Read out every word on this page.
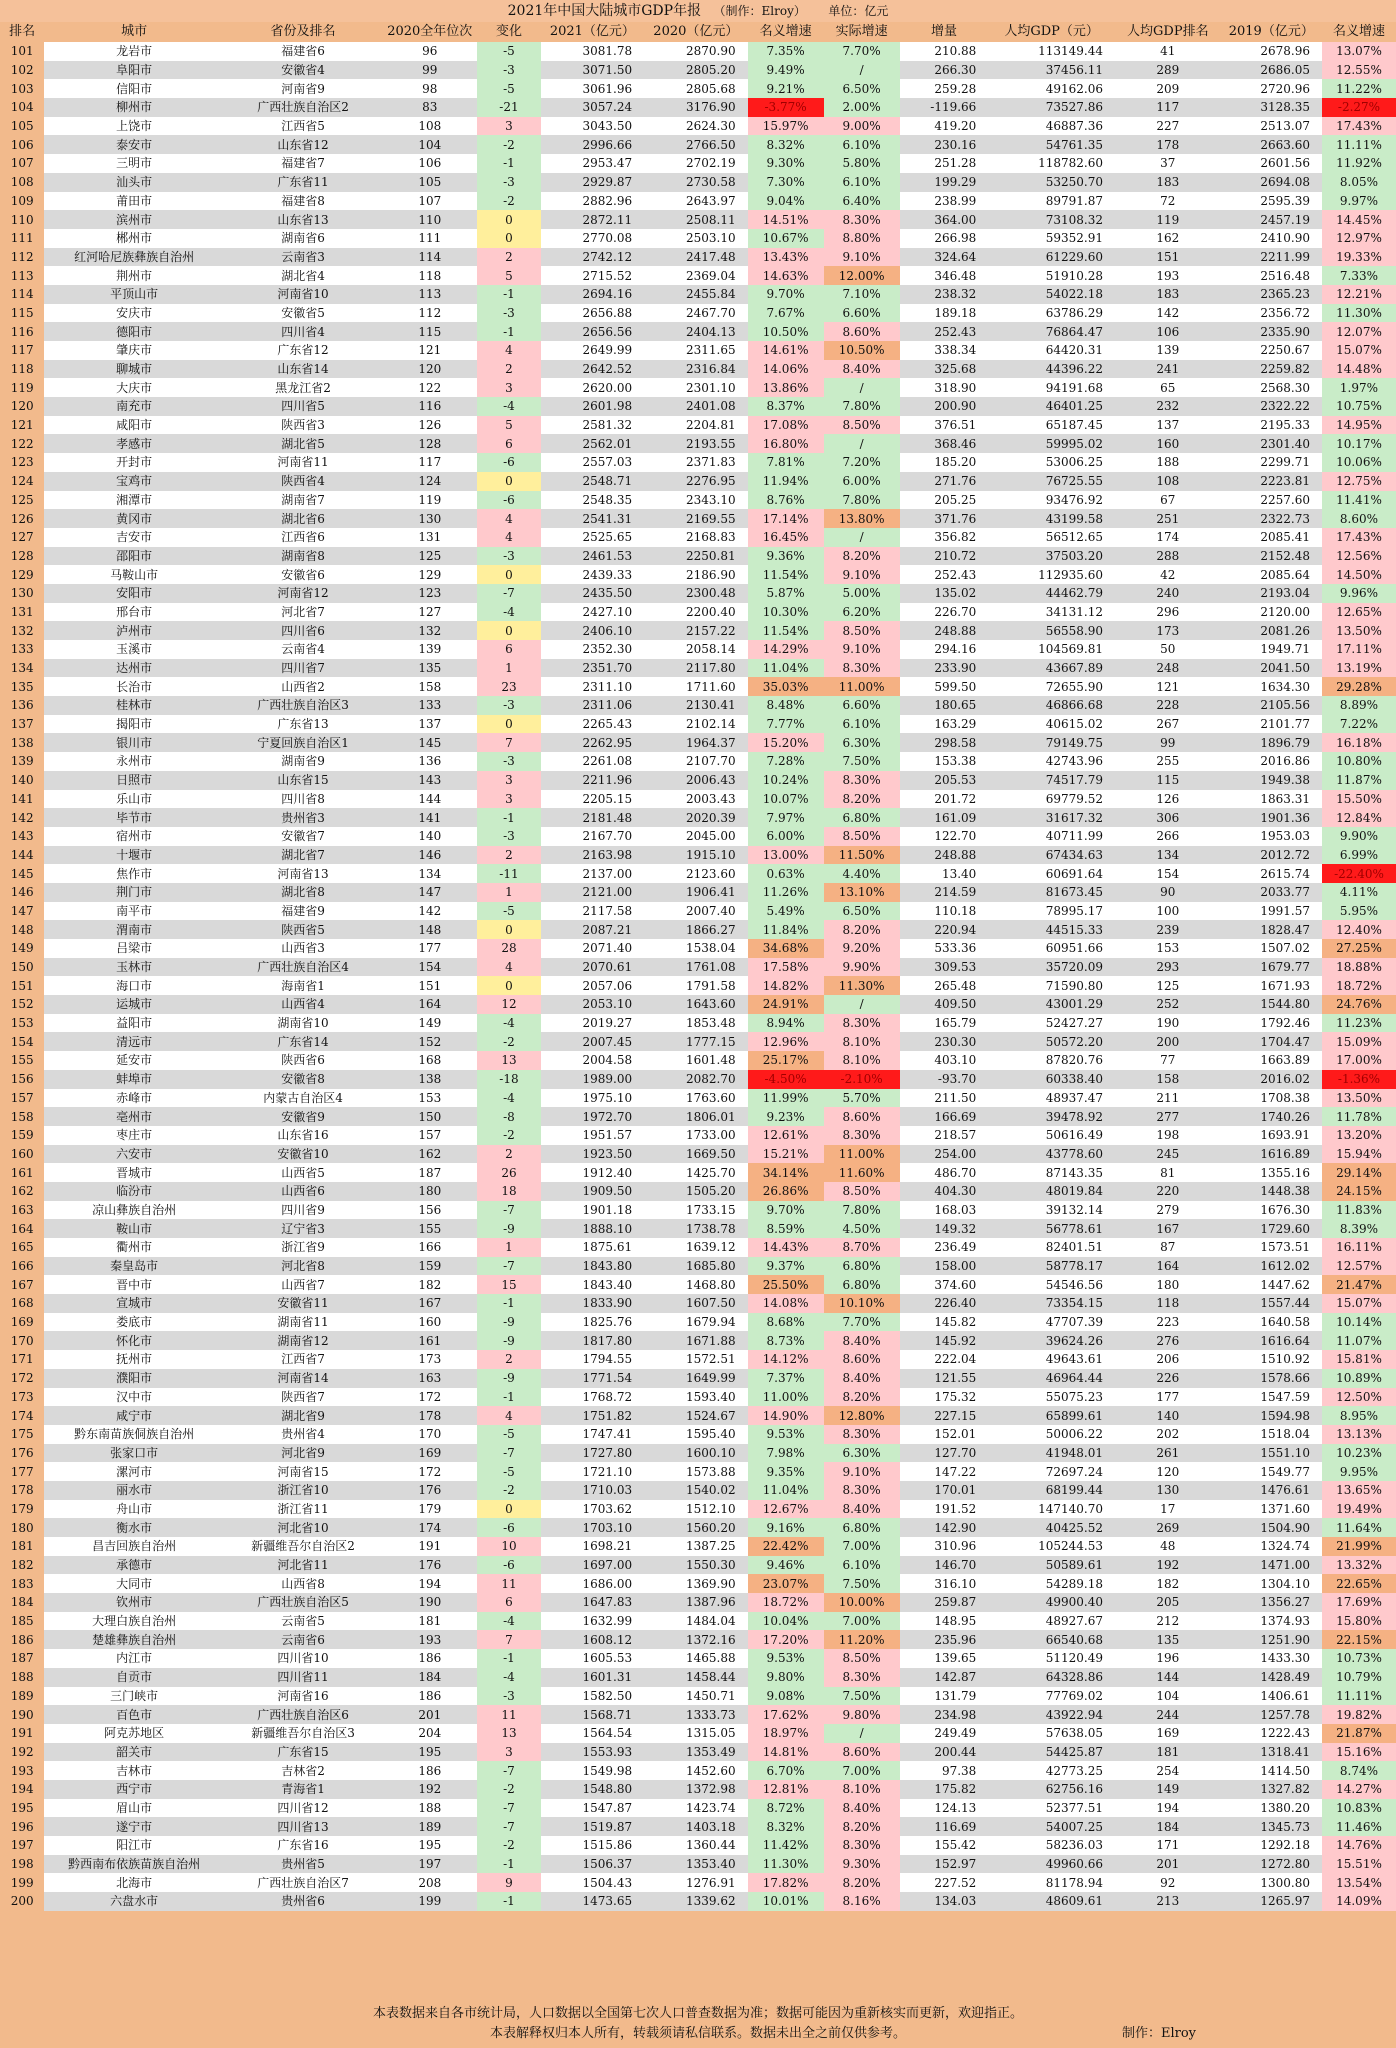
2021年中国大陆城市GDP年报 （制作：Elroy） 单位：亿元
排名	城市	省份及排名	2020全年位次	变化	2021（亿元）	2020（亿元）	名义增速	实际增速	增量	人均GDP（元）	人均GDP排名	2019（亿元）	名义增速
101	龙岩市	福建省6	96	-5	3081.78	2870.90	7.35%	7.70%	210.88	113149.44	41	2678.96	13.07%
102	阜阳市	安徽省4	99	-3	3071.50	2805.20	9.49%	/	266.30	37456.11	289	2686.05	12.55%
103	信阳市	河南省9	98	-5	3061.96	2805.68	9.21%	6.50%	259.28	49162.06	209	2720.96	11.22%
104	柳州市	广西壮族自治区2	83	-21	3057.24	3176.90	-3.77%	2.00%	-119.66	73527.86	117	3128.35	-2.27%
105	上饶市	江西省5	108	3	3043.50	2624.30	15.97%	9.00%	419.20	46887.36	227	2513.07	17.43%
106	泰安市	山东省12	104	-2	2996.66	2766.50	8.32%	6.10%	230.16	54761.35	178	2663.60	11.11%
107	三明市	福建省7	106	-1	2953.47	2702.19	9.30%	5.80%	251.28	118782.60	37	2601.56	11.92%
108	汕头市	广东省11	105	-3	2929.87	2730.58	7.30%	6.10%	199.29	53250.70	183	2694.08	8.05%
109	莆田市	福建省8	107	-2	2882.96	2643.97	9.04%	6.40%	238.99	89791.87	72	2595.39	9.97%
110	滨州市	山东省13	110	0	2872.11	2508.11	14.51%	8.30%	364.00	73108.32	119	2457.19	14.45%
111	郴州市	湖南省6	111	0	2770.08	2503.10	10.67%	8.80%	266.98	59352.91	162	2410.90	12.97%
112	红河哈尼族彝族自治州	云南省3	114	2	2742.12	2417.48	13.43%	9.10%	324.64	61229.60	151	2211.99	19.33%
113	荆州市	湖北省4	118	5	2715.52	2369.04	14.63%	12.00%	346.48	51910.28	193	2516.48	7.33%
114	平顶山市	河南省10	113	-1	2694.16	2455.84	9.70%	7.10%	238.32	54022.18	183	2365.23	12.21%
115	安庆市	安徽省5	112	-3	2656.88	2467.70	7.67%	6.60%	189.18	63786.29	142	2356.72	11.30%
116	德阳市	四川省4	115	-1	2656.56	2404.13	10.50%	8.60%	252.43	76864.47	106	2335.90	12.07%
117	肇庆市	广东省12	121	4	2649.99	2311.65	14.61%	10.50%	338.34	64420.31	139	2250.67	15.07%
118	聊城市	山东省14	120	2	2642.52	2316.84	14.06%	8.40%	325.68	44396.22	241	2259.82	14.48%
119	大庆市	黑龙江省2	122	3	2620.00	2301.10	13.86%	/	318.90	94191.68	65	2568.30	1.97%
120	南充市	四川省5	116	-4	2601.98	2401.08	8.37%	7.80%	200.90	46401.25	232	2322.22	10.75%
121	咸阳市	陕西省3	126	5	2581.32	2204.81	17.08%	8.50%	376.51	65187.45	137	2195.33	14.95%
122	孝感市	湖北省5	128	6	2562.01	2193.55	16.80%	/	368.46	59995.02	160	2301.40	10.17%
123	开封市	河南省11	117	-6	2557.03	2371.83	7.81%	7.20%	185.20	53006.25	188	2299.71	10.06%
124	宝鸡市	陕西省4	124	0	2548.71	2276.95	11.94%	6.00%	271.76	76725.55	108	2223.81	12.75%
125	湘潭市	湖南省7	119	-6	2548.35	2343.10	8.76%	7.80%	205.25	93476.92	67	2257.60	11.41%
126	黄冈市	湖北省6	130	4	2541.31	2169.55	17.14%	13.80%	371.76	43199.58	251	2322.73	8.60%
127	吉安市	江西省6	131	4	2525.65	2168.83	16.45%	/	356.82	56512.65	174	2085.41	17.43%
128	邵阳市	湖南省8	125	-3	2461.53	2250.81	9.36%	8.20%	210.72	37503.20	288	2152.48	12.56%
129	马鞍山市	安徽省6	129	0	2439.33	2186.90	11.54%	9.10%	252.43	112935.60	42	2085.64	14.50%
130	安阳市	河南省12	123	-7	2435.50	2300.48	5.87%	5.00%	135.02	44462.79	240	2193.04	9.96%
131	邢台市	河北省7	127	-4	2427.10	2200.40	10.30%	6.20%	226.70	34131.12	296	2120.00	12.65%
132	泸州市	四川省6	132	0	2406.10	2157.22	11.54%	8.50%	248.88	56558.90	173	2081.26	13.50%
133	玉溪市	云南省4	139	6	2352.30	2058.14	14.29%	9.10%	294.16	104569.81	50	1949.71	17.11%
134	达州市	四川省7	135	1	2351.70	2117.80	11.04%	8.30%	233.90	43667.89	248	2041.50	13.19%
135	长治市	山西省2	158	23	2311.10	1711.60	35.03%	11.00%	599.50	72655.90	121	1634.30	29.28%
136	桂林市	广西壮族自治区3	133	-3	2311.06	2130.41	8.48%	6.60%	180.65	46866.68	228	2105.56	8.89%
137	揭阳市	广东省13	137	0	2265.43	2102.14	7.77%	6.10%	163.29	40615.02	267	2101.77	7.22%
138	银川市	宁夏回族自治区1	145	7	2262.95	1964.37	15.20%	6.30%	298.58	79149.75	99	1896.79	16.18%
139	永州市	湖南省9	136	-3	2261.08	2107.70	7.28%	7.50%	153.38	42743.96	255	2016.86	10.80%
140	日照市	山东省15	143	3	2211.96	2006.43	10.24%	8.30%	205.53	74517.79	115	1949.38	11.87%
141	乐山市	四川省8	144	3	2205.15	2003.43	10.07%	8.20%	201.72	69779.52	126	1863.31	15.50%
142	毕节市	贵州省3	141	-1	2181.48	2020.39	7.97%	6.80%	161.09	31617.32	306	1901.36	12.84%
143	宿州市	安徽省7	140	-3	2167.70	2045.00	6.00%	8.50%	122.70	40711.99	266	1953.03	9.90%
144	十堰市	湖北省7	146	2	2163.98	1915.10	13.00%	11.50%	248.88	67434.63	134	2012.72	6.99%
145	焦作市	河南省13	134	-11	2137.00	2123.60	0.63%	4.40%	13.40	60691.64	154	2615.74	-22.40%
146	荆门市	湖北省8	147	1	2121.00	1906.41	11.26%	13.10%	214.59	81673.45	90	2033.77	4.11%
147	南平市	福建省9	142	-5	2117.58	2007.40	5.49%	6.50%	110.18	78995.17	100	1991.57	5.95%
148	渭南市	陕西省5	148	0	2087.21	1866.27	11.84%	8.20%	220.94	44515.33	239	1828.47	12.40%
149	吕梁市	山西省3	177	28	2071.40	1538.04	34.68%	9.20%	533.36	60951.66	153	1507.02	27.25%
150	玉林市	广西壮族自治区4	154	4	2070.61	1761.08	17.58%	9.90%	309.53	35720.09	293	1679.77	18.88%
151	海口市	海南省1	151	0	2057.06	1791.58	14.82%	11.30%	265.48	71590.80	125	1671.93	18.72%
152	运城市	山西省4	164	12	2053.10	1643.60	24.91%	/	409.50	43001.29	252	1544.80	24.76%
153	益阳市	湖南省10	149	-4	2019.27	1853.48	8.94%	8.30%	165.79	52427.27	190	1792.46	11.23%
154	清远市	广东省14	152	-2	2007.45	1777.15	12.96%	8.10%	230.30	50572.20	200	1704.47	15.09%
155	延安市	陕西省6	168	13	2004.58	1601.48	25.17%	8.10%	403.10	87820.76	77	1663.89	17.00%
156	蚌埠市	安徽省8	138	-18	1989.00	2082.70	-4.50%	-2.10%	-93.70	60338.40	158	2016.02	-1.36%
157	赤峰市	内蒙古自治区4	153	-4	1975.10	1763.60	11.99%	5.70%	211.50	48937.47	211	1708.38	13.50%
158	亳州市	安徽省9	150	-8	1972.70	1806.01	9.23%	8.60%	166.69	39478.92	277	1740.26	11.78%
159	枣庄市	山东省16	157	-2	1951.57	1733.00	12.61%	8.30%	218.57	50616.49	198	1693.91	13.20%
160	六安市	安徽省10	162	2	1923.50	1669.50	15.21%	11.00%	254.00	43778.60	245	1616.89	15.94%
161	晋城市	山西省5	187	26	1912.40	1425.70	34.14%	11.60%	486.70	87143.35	81	1355.16	29.14%
162	临汾市	山西省6	180	18	1909.50	1505.20	26.86%	8.50%	404.30	48019.84	220	1448.38	24.15%
163	凉山彝族自治州	四川省9	156	-7	1901.18	1733.15	9.70%	7.80%	168.03	39132.14	279	1676.30	11.83%
164	鞍山市	辽宁省3	155	-9	1888.10	1738.78	8.59%	4.50%	149.32	56778.61	167	1729.60	8.39%
165	衢州市	浙江省9	166	1	1875.61	1639.12	14.43%	8.70%	236.49	82401.51	87	1573.51	16.11%
166	秦皇岛市	河北省8	159	-7	1843.80	1685.80	9.37%	6.80%	158.00	58778.17	164	1612.02	12.57%
167	晋中市	山西省7	182	15	1843.40	1468.80	25.50%	6.80%	374.60	54546.56	180	1447.62	21.47%
168	宣城市	安徽省11	167	-1	1833.90	1607.50	14.08%	10.10%	226.40	73354.15	118	1557.44	15.07%
169	娄底市	湖南省11	160	-9	1825.76	1679.94	8.68%	7.70%	145.82	47707.39	223	1640.58	10.14%
170	怀化市	湖南省12	161	-9	1817.80	1671.88	8.73%	8.40%	145.92	39624.26	276	1616.64	11.07%
171	抚州市	江西省7	173	2	1794.55	1572.51	14.12%	8.60%	222.04	49643.61	206	1510.92	15.81%
172	濮阳市	河南省14	163	-9	1771.54	1649.99	7.37%	8.40%	121.55	46964.44	226	1578.66	10.89%
173	汉中市	陕西省7	172	-1	1768.72	1593.40	11.00%	8.20%	175.32	55075.23	177	1547.59	12.50%
174	咸宁市	湖北省9	178	4	1751.82	1524.67	14.90%	12.80%	227.15	65899.61	140	1594.98	8.95%
175	黔东南苗族侗族自治州	贵州省4	170	-5	1747.41	1595.40	9.53%	8.30%	152.01	50006.22	202	1518.04	13.13%
176	张家口市	河北省9	169	-7	1727.80	1600.10	7.98%	6.30%	127.70	41948.01	261	1551.10	10.23%
177	漯河市	河南省15	172	-5	1721.10	1573.88	9.35%	9.10%	147.22	72697.24	120	1549.77	9.95%
178	丽水市	浙江省10	176	-2	1710.03	1540.02	11.04%	8.30%	170.01	68199.44	130	1476.61	13.65%
179	舟山市	浙江省11	179	0	1703.62	1512.10	12.67%	8.40%	191.52	147140.70	17	1371.60	19.49%
180	衡水市	河北省10	174	-6	1703.10	1560.20	9.16%	6.80%	142.90	40425.52	269	1504.90	11.64%
181	昌吉回族自治州	新疆维吾尔自治区2	191	10	1698.21	1387.25	22.42%	7.00%	310.96	105244.53	48	1324.74	21.99%
182	承德市	河北省11	176	-6	1697.00	1550.30	9.46%	6.10%	146.70	50589.61	192	1471.00	13.32%
183	大同市	山西省8	194	11	1686.00	1369.90	23.07%	7.50%	316.10	54289.18	182	1304.10	22.65%
184	钦州市	广西壮族自治区5	190	6	1647.83	1387.96	18.72%	10.00%	259.87	49900.40	205	1356.27	17.69%
185	大理白族自治州	云南省5	181	-4	1632.99	1484.04	10.04%	7.00%	148.95	48927.67	212	1374.93	15.80%
186	楚雄彝族自治州	云南省6	193	7	1608.12	1372.16	17.20%	11.20%	235.96	66540.68	135	1251.90	22.15%
187	内江市	四川省10	186	-1	1605.53	1465.88	9.53%	8.50%	139.65	51120.49	196	1433.30	10.73%
188	自贡市	四川省11	184	-4	1601.31	1458.44	9.80%	8.30%	142.87	64328.86	144	1428.49	10.79%
189	三门峡市	河南省16	186	-3	1582.50	1450.71	9.08%	7.50%	131.79	77769.02	104	1406.61	11.11%
190	百色市	广西壮族自治区6	201	11	1568.71	1333.73	17.62%	9.80%	234.98	43922.94	244	1257.78	19.82%
191	阿克苏地区	新疆维吾尔自治区3	204	13	1564.54	1315.05	18.97%	/	249.49	57638.05	169	1222.43	21.87%
192	韶关市	广东省15	195	3	1553.93	1353.49	14.81%	8.60%	200.44	54425.87	181	1318.41	15.16%
193	吉林市	吉林省2	186	-7	1549.98	1452.60	6.70%	7.00%	97.38	42773.25	254	1414.50	8.74%
194	西宁市	青海省1	192	-2	1548.80	1372.98	12.81%	8.10%	175.82	62756.16	149	1327.82	14.27%
195	眉山市	四川省12	188	-7	1547.87	1423.74	8.72%	8.40%	124.13	52377.51	194	1380.20	10.83%
196	遂宁市	四川省13	189	-7	1519.87	1403.18	8.32%	8.20%	116.69	54007.25	184	1345.73	11.46%
197	阳江市	广东省16	195	-2	1515.86	1360.44	11.42%	8.30%	155.42	58236.03	171	1292.18	14.76%
198	黔西南布依族苗族自治州	贵州省5	197	-1	1506.37	1353.40	11.30%	9.30%	152.97	49960.66	201	1272.80	15.51%
199	北海市	广西壮族自治区7	208	9	1504.43	1276.91	17.82%	8.20%	227.52	81178.94	92	1300.80	13.54%
200	六盘水市	贵州省6	199	-1	1473.65	1339.62	10.01%	8.16%	134.03	48609.61	213	1265.97	14.09%
本表数据来自各市统计局，人口数据以全国第七次人口普查数据为准；数据可能因为重新核实而更新，欢迎指正。
本表解释权归本人所有，转载须请私信联系。数据未出全之前仅供参考。	制作：Elroy
